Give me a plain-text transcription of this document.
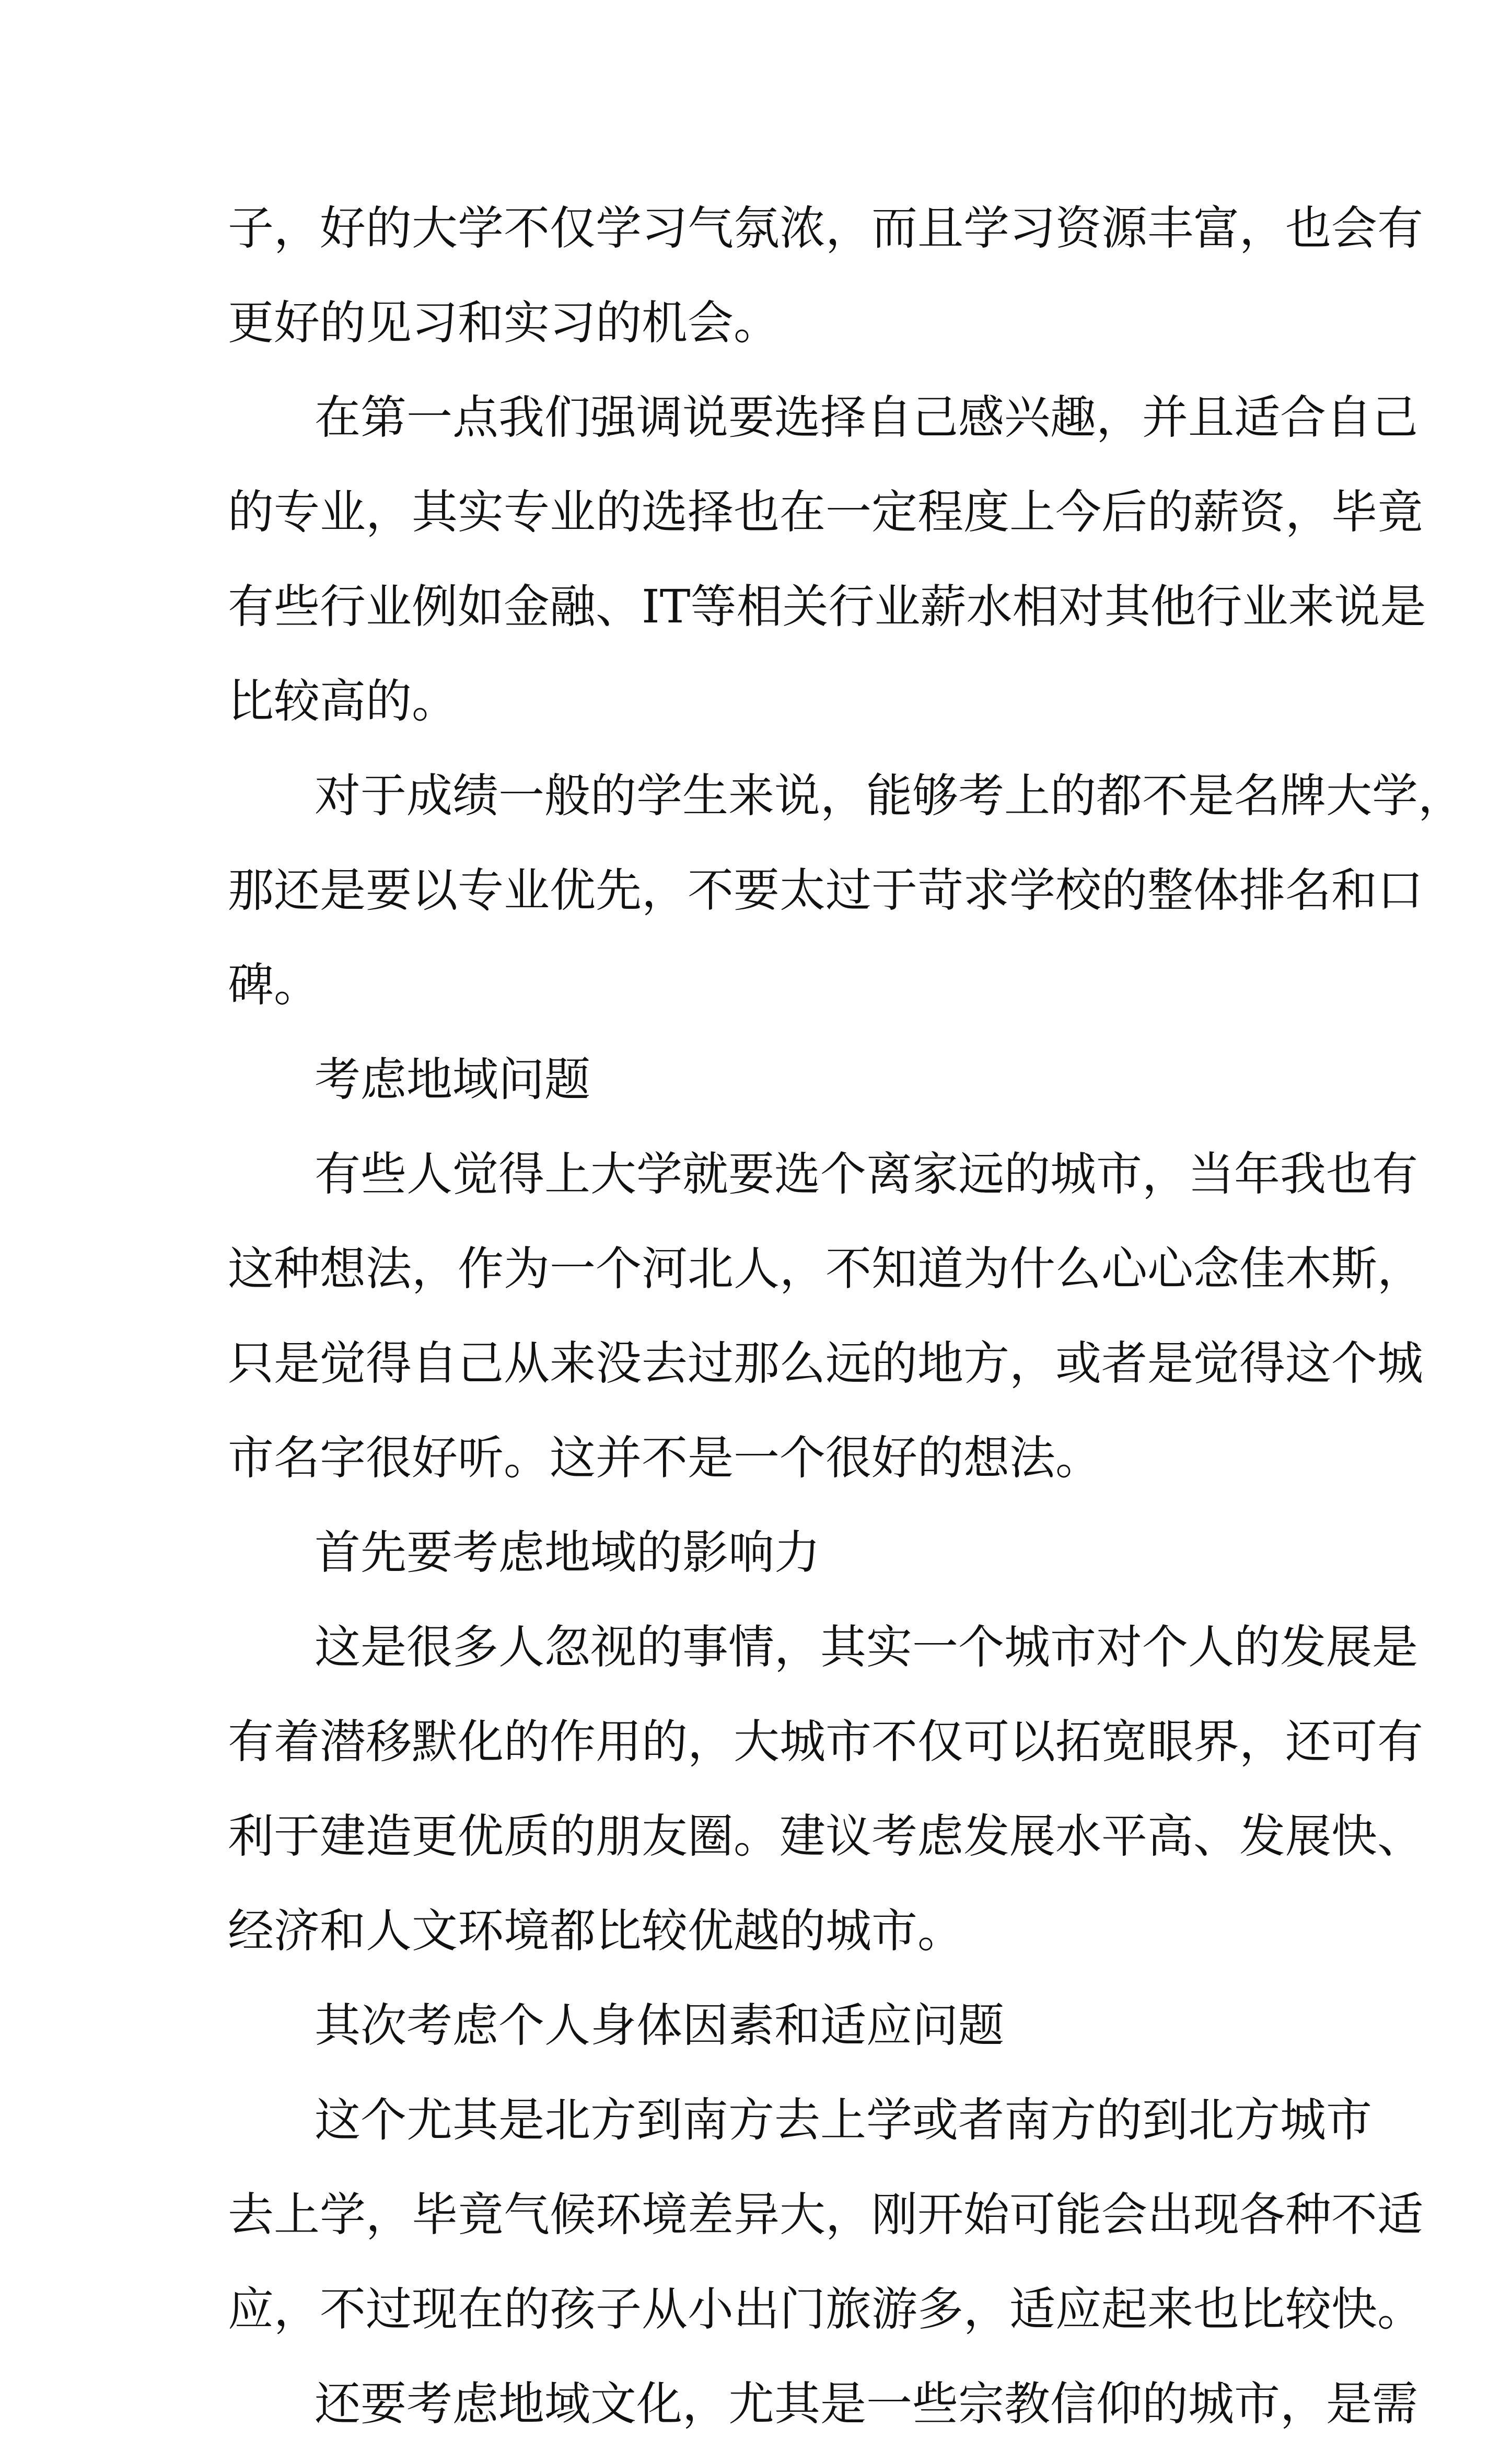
子，好的大学不仅学习气氛浓，而且学习资源丰富，也会有
更好的见习和实习的机会。
在第一点我们强调说要选择自己感兴趣，并且适合自己
的专业，其实专业的选择也在一定程度上今后的薪资，毕竟
有些行业例如金融、IT等相关行业薪水相对其他行业来说是
比较高的。
对于成绩一般的学生来说，能够考上的都不是名牌大学，
那还是要以专业优先，不要太过于苛求学校的整体排名和口
碑。
考虑地域问题
有些人觉得上大学就要选个离家远的城市，当年我也有
这种想法，作为一个河北人，不知道为什么心心念佳木斯，
只是觉得自己从来没去过那么远的地方，或者是觉得这个城
市名字很好听。这并不是一个很好的想法。
首先要考虑地域的影响力
这是很多人忽视的事情，其实一个城市对个人的发展是
有着潜移默化的作用的，大城市不仅可以拓宽眼界，还可有
利于建造更优质的朋友圈。建议考虑发展水平高、发展快、
经济和人文环境都比较优越的城市。
其次考虑个人身体因素和适应问题
这个尤其是北方到南方去上学或者南方的到北方城市
去上学，毕竟气候环境差异大，刚开始可能会出现各种不适
应，不过现在的孩子从小出门旅游多，适应起来也比较快。
还要考虑地域文化，尤其是一些宗教信仰的城市，是需
